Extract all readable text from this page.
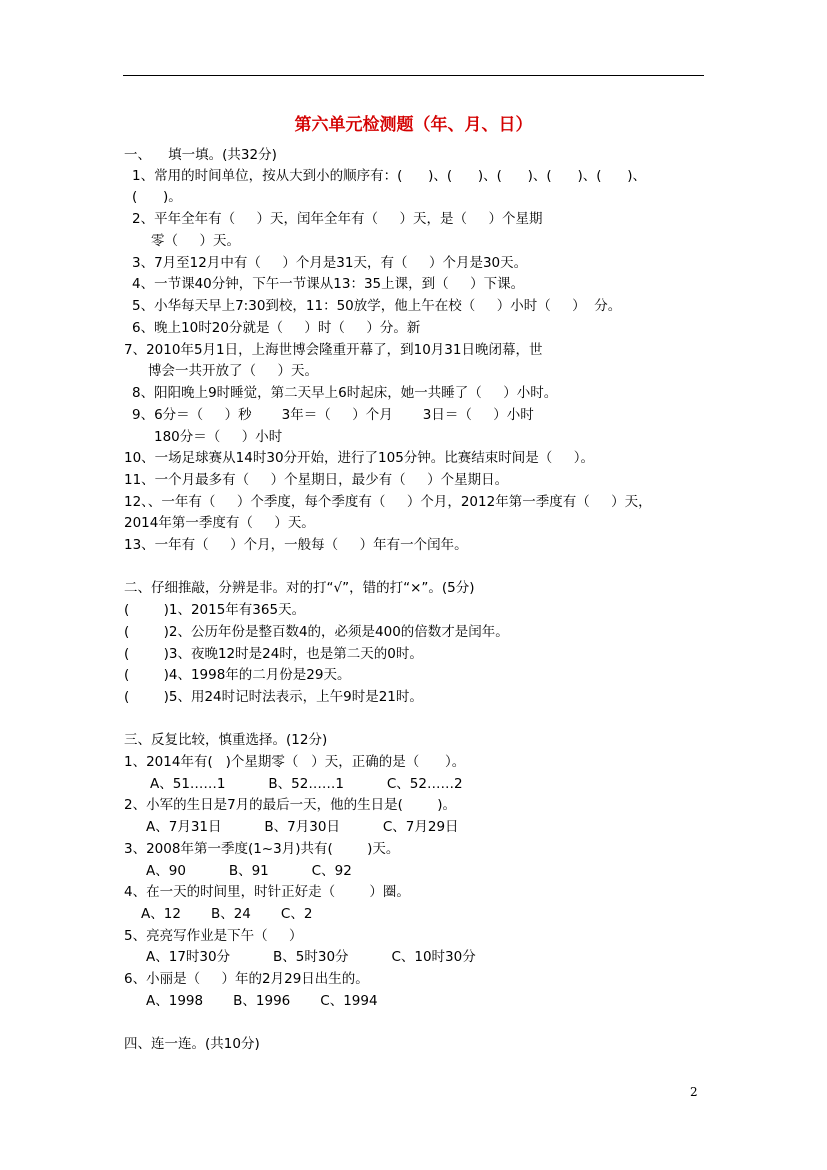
第六单元检测题（年、月、日）
一、    填一填。(共32分)
1、常用的时间单位，按从大到小的顺序有：(      )、(      )、(      )、(      )、(      )、
(      )。
2、平年全年有（     ）天，闰年全年有（     ）天，是（     ）个星期
零（     ）天。
3、7月至12月中有（     ）个月是31天，有（     ）个月是30天。
4、一节课40分钟，下午一节课从13：35上课，到（     ）下课。
5、小华每天早上7:30到校，11：50放学，他上午在校（     ）小时（     ）  分。
6、晚上10时20分就是（     ）时（     ）分。新
7、2010年5月1日，上海世博会隆重开幕了，到10月31日晚闭幕，世
博会一共开放了（     ）天。
8、阳阳晚上9时睡觉，第二天早上6时起床，她一共睡了（     ）小时。
9、6分＝（     ）秒       3年＝（     ）个月       3日＝（     ）小时
180分＝（     ）小时
10、一场足球赛从14时30分开始，进行了105分钟。比赛结束时间是（     ）。
11、一个月最多有（     ）个星期日，最少有（     ）个星期日。
12、、一年有（     ）个季度，每个季度有（     ）个月，2012年第一季度有（     ）天，
2014年第一季度有（     ）天。
13、一年有（     ）个月，一般每（     ）年有一个闰年。
二、仔细推敲，分辨是非。对的打“√”，错的打“×”。(5分)
(        )1、2015年有365天。
(        )2、公历年份是整百数4的，必须是400的倍数才是闰年。
(        )3、夜晚12时是24时，也是第二天的0时。
(        )4、1998年的二月份是29天。
(        )5、用24时记时法表示，上午9时是21时。
三、反复比较，慎重选择。(12分)
1、2014年有(   )个星期零（   ）天，正确的是（      ）。
A、51……1          B、52……1          C、52……2
2、小军的生日是7月的最后一天，他的生日是(        )。
A、7月31日          B、7月30日          C、7月29日
3、2008年第一季度(1~3月)共有(        )天。
A、90          B、91          C、92
4、在一天的时间里，时针正好走（        ）圈。
A、12       B、24       C、2
5、亮亮写作业是下午（     ）
A、17时30分          B、5时30分          C、10时30分
6、小丽是（     ）年的2月29日出生的。
A、1998       B、1996       C、1994
四、连一连。(共10分)
2
